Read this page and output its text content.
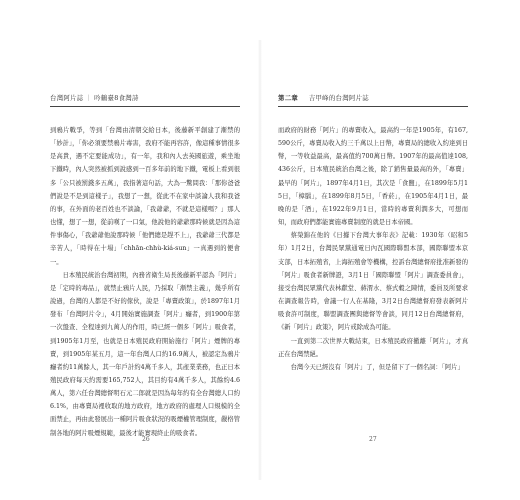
台灣阿片誌 ｜ 吟鶴臺8食灣詩

到鴉片戰爭，等到「台灣由清朝交給日本，後藤新平創建了漸禁的「妙計」，「你必須要禁鴉片毒害，我府不能再容許，像這種事情很多是高貴，遇不定要能成功」，有一年，我和內人去英國旅遊，乘坐地下鐵時，內人突然被抓到說感到一百多年前的地下鐵，電板上看到很多「公只被罰錢多五萬」，我指著這句話，大為一驚問我：「那你爸爸們說是不是到這樣子」，我想了一想，從此不在家中談論人我和我爸的事，在外面的老百姓也不談論，「我爺爺，不就是這樣嗎？」那人也懂，想了一想，從前嘆了一口氣，他說他的爺爺那時候就是因為這件事傷心，「我爺爺他說那時候「他們總是趕不上」，我爺爺三代都是辛苦人，「時得在十場」「chhān-chhù-kiá-sun」一真遇到的便會一。

日本殖民統治台灣初期，內務省衛生局長後藤新平認為「阿片」是「定時的毒品」，就禁止鴉片人民，乃採取「漸禁主義」，幾乎所有說過，台灣的人都是不好的傢伙，說是「專賣政策」，於1897年1月發布「台灣阿片令」，4月開始實施調查「阿片」癮者，到1900年第一次盤查、全程達到九萬人的作用，時已經一個多「阿片」吸食者，到1905年1月至，也就是日本殖民政府開始施行「阿片」煙牌的專賣，到1905年某五月，這一年台灣人口約16.9萬人，被認定為鴉片癮者約11萬餘人，其一年戶計約4萬千多人，其產業業務，也正日本殖民政府每天約需要165,752人，其目約有4萬千多人，其餘約4.6萬人，第六任台灣總督明石元二郎就是因為每年約有全台灣總人口約6.1%，由專賣局裡收取的地方政府，地方政府的處理人口規模的全面禁止，再由此發展出一種阿片吸食狀況的吸煙權管理制度，嚴格管制各地的阿片吸煙規範，最後才能實現終止的吸食者。

26
第二章　 吉甲峰的台灣阿片誌

而政府的財務「阿片」的專賣收入，最高約一年是1905年，有167,590公斤，專賣局收入約三千萬以上日幣，專賣局的總收入約達到日幣，一等收益最高，最高值約700萬日幣。1907年的最高值達108,436公斤，日本殖民統治台灣之後，除了銷售量最高的外，「專賣」最早的「阿片」，1897年4月1日，其次是「食鹽」，在1899年5月15日，「樟腦」，在1899年8月5日，「香菸」，在1905年4月1日，最晚的是「酒」，在1922年9月1日，當時的專賣利潤多大，可想而知，而政府們都能實施專賣制度的就是日本帝國。

蔡榮錦在他的《日據下台灣大事年表》記載：1930年（昭和5年）1月2日，台灣民眾黨通電日內瓦國際聯盟本部，國際聯盟本京支部，日本拓殖省，上海拓殖會等機構，控訴台灣總督府批准新發的「阿片」吸食者新牌證，3月1日「國際聯盟「阿片」調查委員會」，接受台灣民眾黨代表林獻堂、蔣渭水、蔡式穀之陳情，委員及所要求在調查報告時，會議一行人在基隆，3月2日台灣總督府發表新阿片吸食許可制度，聯盟調查團與總督等會談，同月12日台灣總督府，《新「阿片」政策》，阿片戒除成為可能。

一直到第二次世界大戰結束，日本殖民政府撤離「阿片」，才真正在台灣禁絕。

台灣今天已經沒有「阿片」了，但是留下了一個名詞：「阿片」

27
